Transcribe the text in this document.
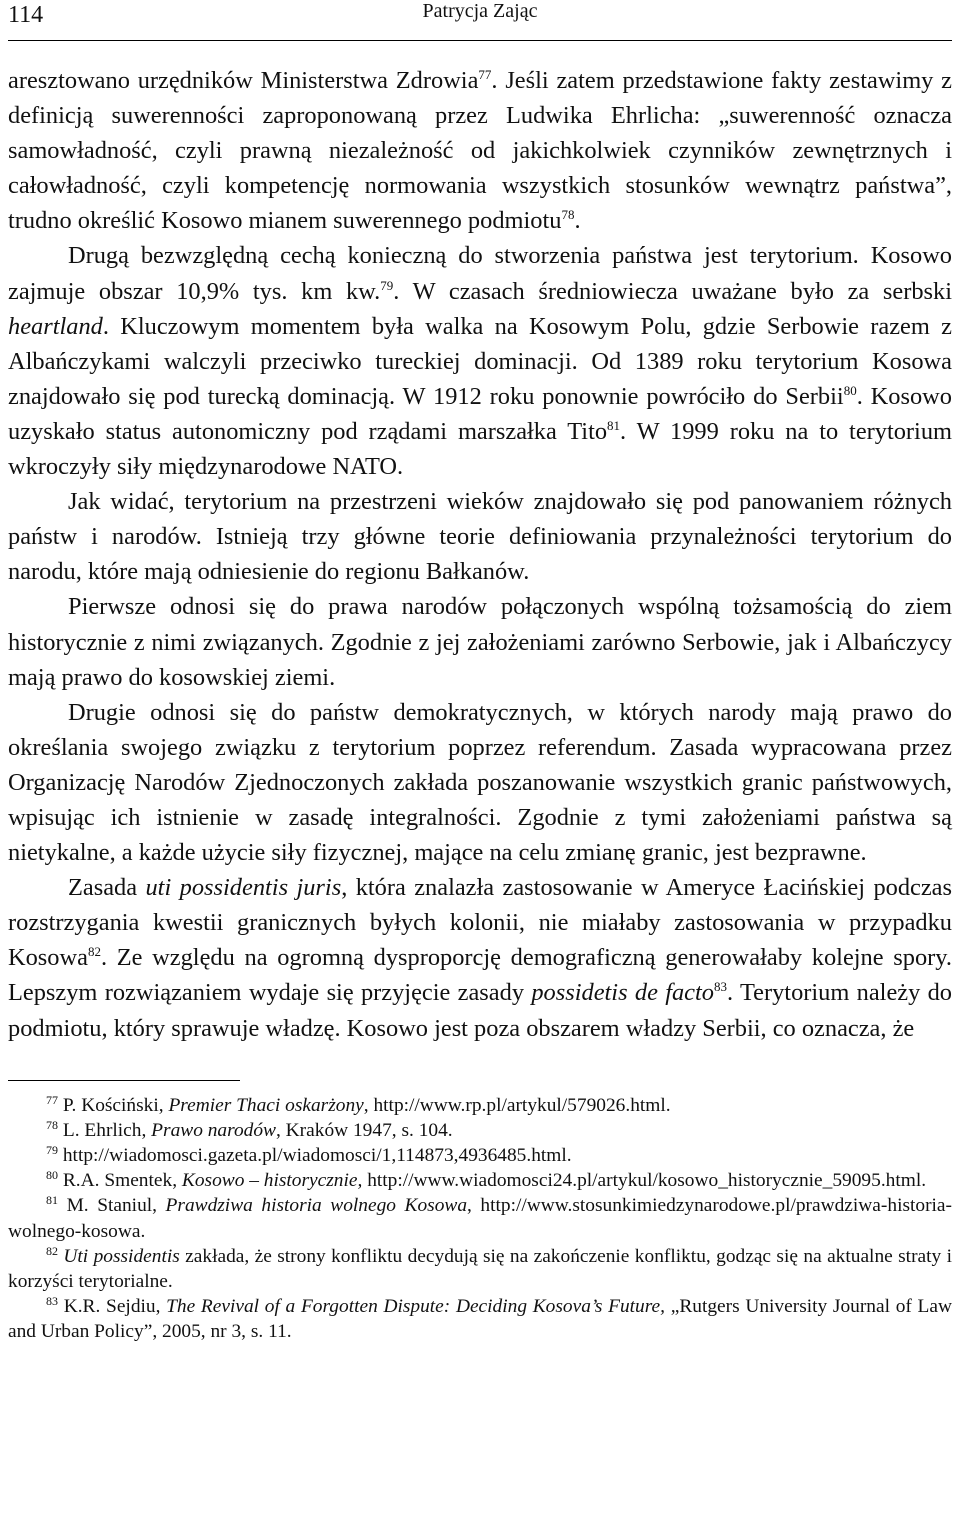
114	Patrycja Zając

aresztowano urzędników Ministerstwa Zdrowia$^{77}$. Jeśli zatem przedstawione fakty zestawimy z definicją suwerenności zaproponowaną przez Ludwika Ehrlicha: „suwerenność oznacza samowładność, czyli prawną niezależność od jakichkolwiek czynników zewnętrznych i całowładność, czyli kompetencję normowania wszystkich stosunków wewnątrz państwa”, trudno określić Kosowo mianem suwerennego podmiotu$^{78}$.

Drugą bezwzględną cechą konieczną do stworzenia państwa jest terytorium. Kosowo zajmuje obszar 10,9% tys. km kw.$^{79}$. W czasach średniowiecza uważane było za serbski heartland. Kluczowym momentem była walka na Kosowym Polu, gdzie Serbowie razem z Albańczykami walczyli przeciwko tureckiej dominacji. Od 1389 roku terytorium Kosowa znajdowało się pod turecką dominacją. W 1912 roku ponownie powróciło do Serbii$^{80}$. Kosowo uzyskało status autonomiczny pod rządami marszałka Tito$^{81}$. W 1999 roku na to terytorium wkroczyły siły międzynarodowe NATO.

Jak widać, terytorium na przestrzeni wieków znajdowało się pod panowaniem różnych państw i narodów. Istnieją trzy główne teorie definiowania przynależności terytorium do narodu, które mają odniesienie do regionu Bałkanów.

Pierwsze odnosi się do prawa narodów połączonych wspólną tożsamością do ziem historycznie z nimi związanych. Zgodnie z jej założeniami zarówno Serbowie, jak i Albańczycy mają prawo do kosowskiej ziemi.

Drugie odnosi się do państw demokratycznych, w których narody mają prawo do określania swojego związku z terytorium poprzez referendum. Zasada wypracowana przez Organizację Narodów Zjednoczonych zakłada poszanowanie wszystkich granic państwowych, wpisując ich istnienie w zasadę integralności. Zgodnie z tymi założeniami państwa są nietykalne, a każde użycie siły fizycznej, mające na celu zmianę granic, jest bezprawne.

Zasada uti possidentis juris, która znalazła zastosowanie w Ameryce Łacińskiej podczas rozstrzygania kwestii granicznych byłych kolonii, nie miałaby zastosowania w przypadku Kosowa$^{82}$. Ze względu na ogromną dysproporcję demograficzną generowałaby kolejne spory. Lepszym rozwiązaniem wydaje się przyjęcie zasady possidetis de facto$^{83}$. Terytorium należy do podmiotu, który sprawuje władzę. Kosowo jest poza obszarem władzy Serbii, co oznacza, że

$^{77}$ P. Kościński, Premier Thaci oskarżony, http://www.rp.pl/artykul/579026.html.

$^{78}$ L. Ehrlich, Prawo narodów, Kraków 1947, s. 104.

$^{79}$ http://wiadomosci.gazeta.pl/wiadomosci/1,114873,4936485.html.

$^{80}$ R.A. Smentek, Kosowo – historycznie, http://www.wiadomosci24.pl/artykul/kosowo_historycznie_59095.html.

$^{81}$ M. Staniul, Prawdziwa historia wolnego Kosowa, http://www.stosunkimiedzynarodowe.pl/prawdziwa-historia-wolnego-kosowa.

$^{82}$ Uti possidentis zakłada, że strony konfliktu decydują się na zakończenie konfliktu, godząc się na aktualne straty i korzyści terytorialne.

$^{83}$ K.R. Sejdiu, The Revival of a Forgotten Dispute: Deciding Kosova’s Future, „Rutgers University Journal of Law and Urban Policy”, 2005, nr 3, s. 11.
